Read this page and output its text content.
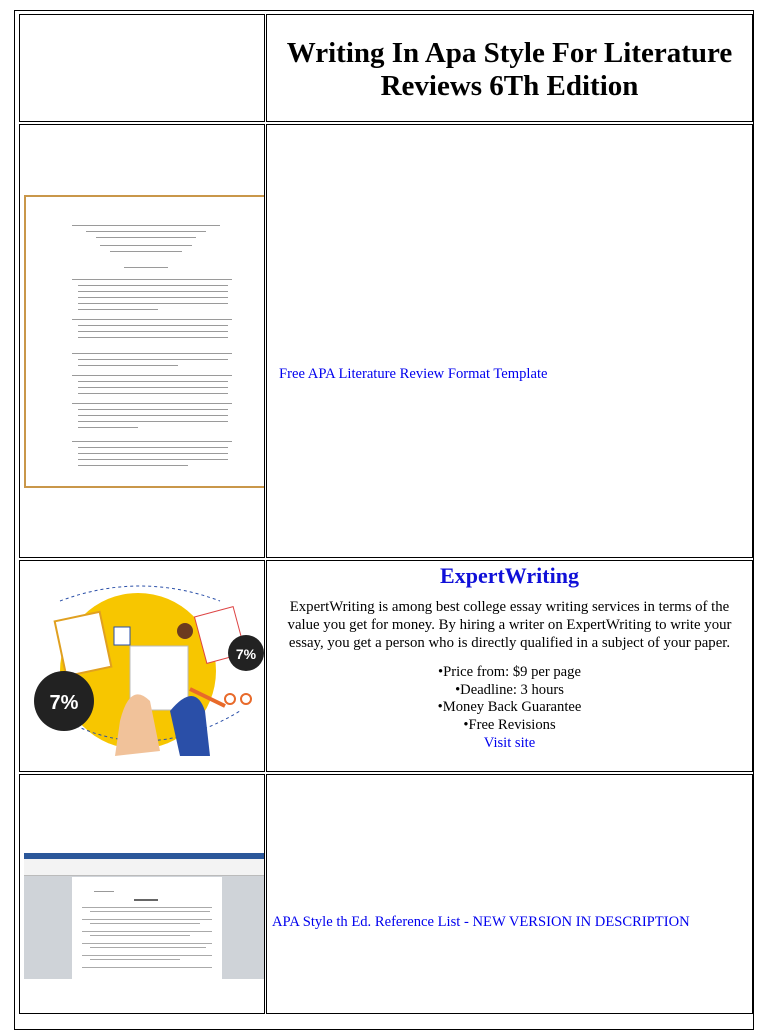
Writing In Apa Style For Literature Reviews 6Th Edition
Free APA Literature Review Format Template
7%
7%
ExpertWriting
ExpertWriting is among best college essay writing services in terms of the value you get for money. By hiring a writer on ExpertWriting to write your essay, you get a person who is directly qualified in a subject of your paper.
• Price from: $9 per page
• Deadline: 3 hours
• Money Back Guarantee
• Free Revisions
Visit site
APA Style th Ed. Reference List - NEW VERSION IN DESCRIPTION
